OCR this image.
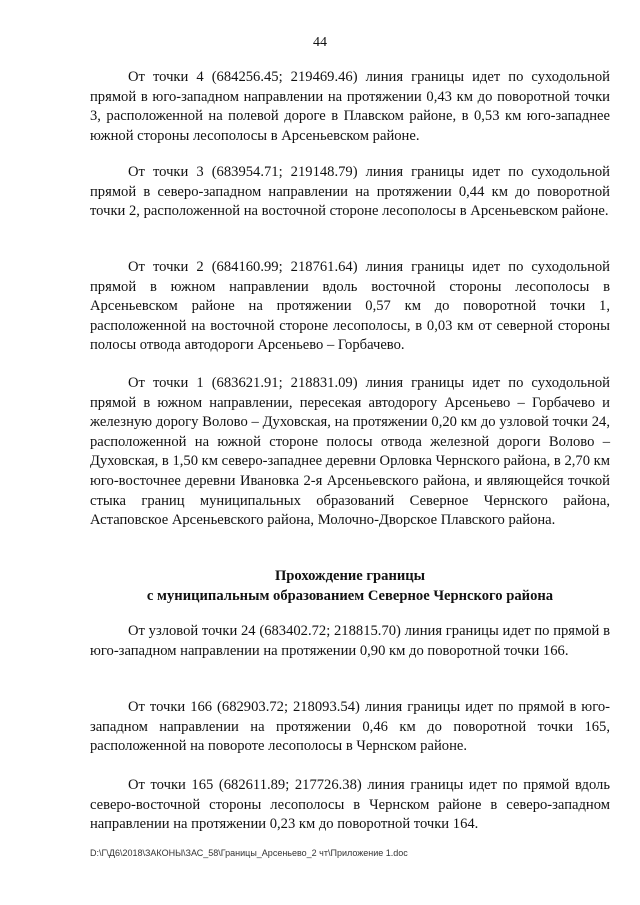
44

От точки 4 (684256.45; 219469.46) линия границы идет по суходольной прямой в юго-западном направлении на протяжении 0,43 км до поворотной точки 3, расположенной на полевой дороге в Плавском районе, в 0,53 км юго-западнее южной стороны лесополосы в Арсеньевском районе.

От точки 3 (683954.71; 219148.79) линия границы идет по суходольной прямой в северо-западном направлении на протяжении 0,44 км до поворотной точки 2, расположенной на восточной стороне лесополосы в Арсеньевском районе.

От точки 2 (684160.99; 218761.64) линия границы идет по суходольной прямой в южном направлении вдоль восточной стороны лесополосы в Арсеньевском районе на протяжении 0,57 км до поворотной точки 1, расположенной на восточной стороне лесополосы, в 0,03 км от северной стороны полосы отвода автодороги Арсеньево – Горбачево.

От точки 1 (683621.91; 218831.09) линия границы идет по суходольной прямой в южном направлении, пересекая автодорогу Арсеньево – Горбачево и железную дорогу Волово – Духовская, на протяжении 0,20 км до узловой точки 24, расположенной на южной стороне полосы отвода железной дороги Волово – Духовская, в 1,50 км северо-западнее деревни Орловка Чернского района, в 2,70 км юго-восточнее деревни Ивановка 2-я Арсеньевского района, и являющейся точкой стыка границ муниципальных образований Северное Чернского района, Астаповское Арсеньевского района, Молочно-Дворское Плавского района.

Прохождение границы
с муниципальным образованием Северное Чернского района

От узловой точки 24 (683402.72; 218815.70) линия границы идет по прямой в юго-западном направлении на протяжении 0,90 км до поворотной точки 166.

От точки 166 (682903.72; 218093.54) линия границы идет по прямой в юго-западном направлении на протяжении 0,46 км до поворотной точки 165, расположенной на повороте лесополосы в Чернском районе.

От точки 165 (682611.89; 217726.38) линия границы идет по прямой вдоль северо-восточной стороны лесополосы в Чернском районе в северо-западном направлении на протяжении 0,23 км до поворотной точки 164.

D:\Г\Д6\2018\ЗАКОНЫ\ЗАС_58\Границы_Арсеньево_2 чт\Приложение 1.doc
